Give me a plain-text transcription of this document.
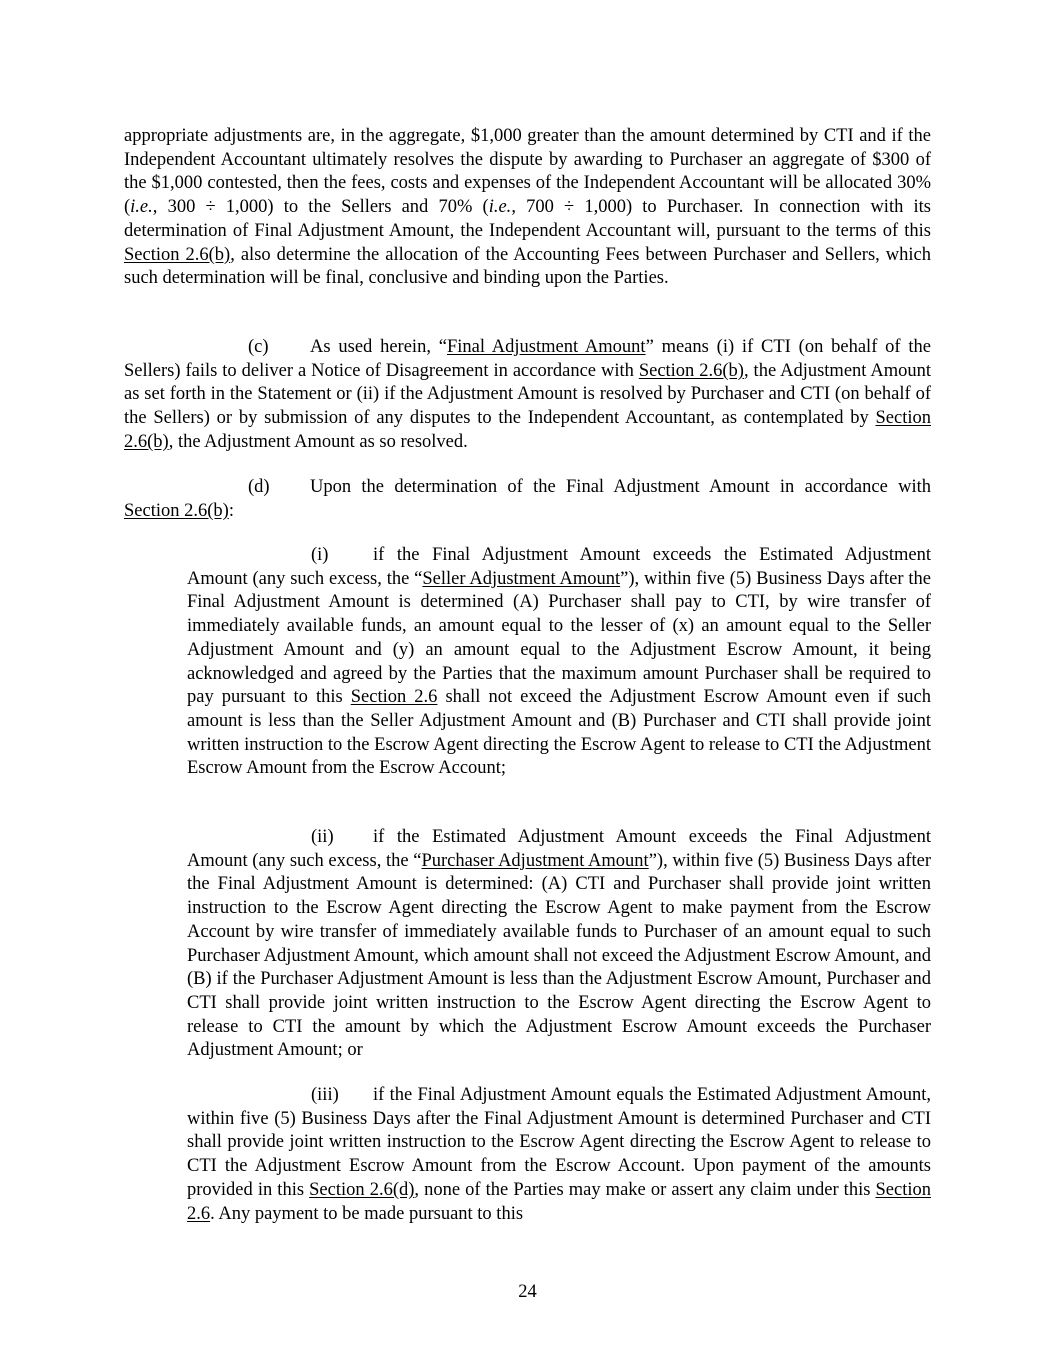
appropriate adjustments are, in the aggregate, $1,000 greater than the amount determined by CTI and if the Independent Accountant ultimately resolves the dispute by awarding to Purchaser an aggregate of $300 of the $1,000 contested, then the fees, costs and expenses of the Independent Accountant will be allocated 30% (i.e., 300 ÷ 1,000) to the Sellers and 70% (i.e., 700 ÷ 1,000) to Purchaser. In connection with its determination of Final Adjustment Amount, the Independent Accountant will, pursuant to the terms of this Section 2.6(b), also determine the allocation of the Accounting Fees between Purchaser and Sellers, which such determination will be final, conclusive and binding upon the Parties.

(c) As used herein, “Final Adjustment Amount” means (i) if CTI (on behalf of the Sellers) fails to deliver a Notice of Disagreement in accordance with Section 2.6(b), the Adjustment Amount as set forth in the Statement or (ii) if the Adjustment Amount is resolved by Purchaser and CTI (on behalf of the Sellers) or by submission of any disputes to the Independent Accountant, as contemplated by Section 2.6(b), the Adjustment Amount as so resolved.

(d) Upon the determination of the Final Adjustment Amount in accordance with Section 2.6(b):

(i) if the Final Adjustment Amount exceeds the Estimated Adjustment Amount (any such excess, the “Seller Adjustment Amount”), within five (5) Business Days after the Final Adjustment Amount is determined (A) Purchaser shall pay to CTI, by wire transfer of immediately available funds, an amount equal to the lesser of (x) an amount equal to the Seller Adjustment Amount and (y) an amount equal to the Adjustment Escrow Amount, it being acknowledged and agreed by the Parties that the maximum amount Purchaser shall be required to pay pursuant to this Section 2.6 shall not exceed the Adjustment Escrow Amount even if such amount is less than the Seller Adjustment Amount and (B) Purchaser and CTI shall provide joint written instruction to the Escrow Agent directing the Escrow Agent to release to CTI the Adjustment Escrow Amount from the Escrow Account;

(ii) if the Estimated Adjustment Amount exceeds the Final Adjustment Amount (any such excess, the “Purchaser Adjustment Amount”), within five (5) Business Days after the Final Adjustment Amount is determined: (A) CTI and Purchaser shall provide joint written instruction to the Escrow Agent directing the Escrow Agent to make payment from the Escrow Account by wire transfer of immediately available funds to Purchaser of an amount equal to such Purchaser Adjustment Amount, which amount shall not exceed the Adjustment Escrow Amount, and (B) if the Purchaser Adjustment Amount is less than the Adjustment Escrow Amount, Purchaser and CTI shall provide joint written instruction to the Escrow Agent directing the Escrow Agent to release to CTI the amount by which the Adjustment Escrow Amount exceeds the Purchaser Adjustment Amount; or

(iii) if the Final Adjustment Amount equals the Estimated Adjustment Amount, within five (5) Business Days after the Final Adjustment Amount is determined Purchaser and CTI shall provide joint written instruction to the Escrow Agent directing the Escrow Agent to release to CTI the Adjustment Escrow Amount from the Escrow Account. Upon payment of the amounts provided in this Section 2.6(d), none of the Parties may make or assert any claim under this Section 2.6. Any payment to be made pursuant to this

24
